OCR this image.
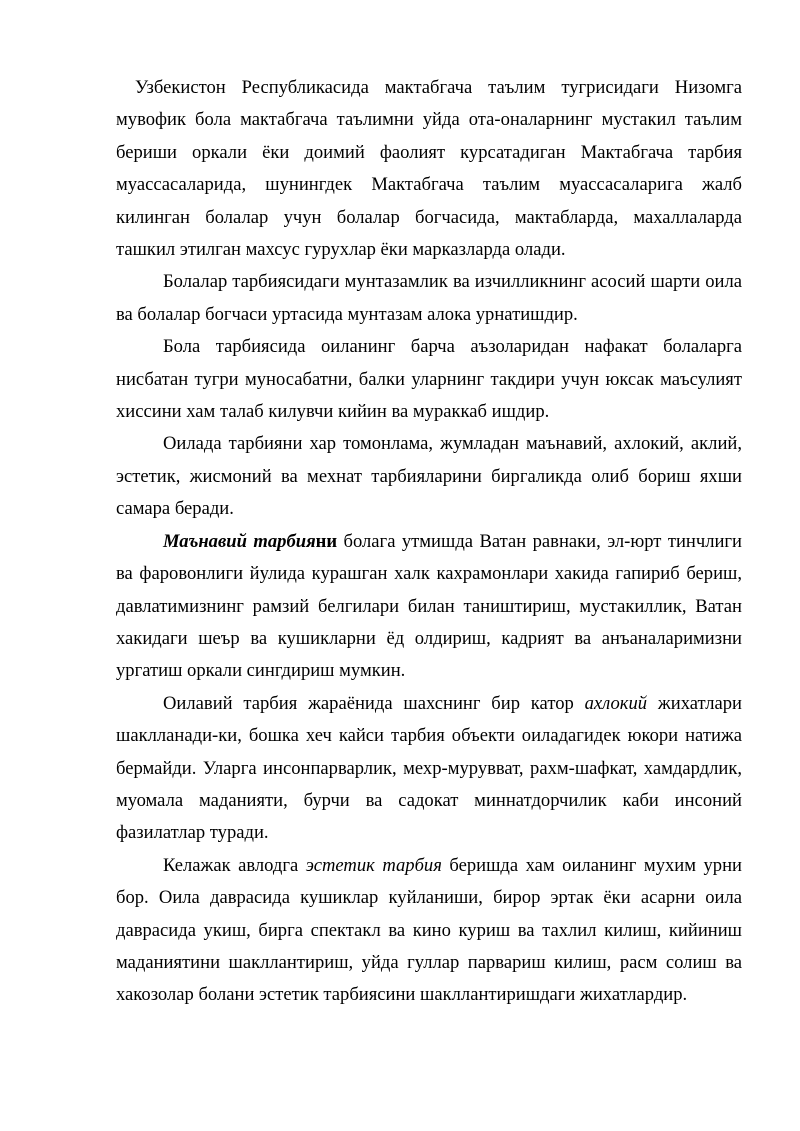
Узбекистон Республикасида мактабгача таълим тугрисидаги Низомга мувофик бола мактабгача таълимни уйда ота-оналарнинг мустакил таълим бериши оркали ёки доимий фаолият курсатадиган Мактабгача тарбия муассасаларида, шунингдек Мактабгача таълим муассасаларига жалб килинган болалар учун болалар богчасида, мактабларда, махаллаларда ташкил этилган махсус гурухлар ёки марказларда олади.

Болалар тарбиясидаги мунтазамлик ва изчилликнинг асосий шарти оила ва болалар богчаси уртасида мунтазам алока урнатишдир.

Бола тарбиясида оиланинг барча аъзоларидан нафакат болаларга нисбатан тугри муносабатни, балки уларнинг такдири учун юксак маъсулият хиссини хам талаб килувчи кийин ва мураккаб ишдир.

Оилада тарбияни хар томонлама, жумладан маънавий, ахлокий, аклий, эстетик, жисмоний ва мехнат тарбияларини биргаликда олиб бориш яхши самара беради.

Маънавий тарбияни болага утмишда Ватан равнаки, эл-юрт тинчлиги ва фаровонлиги йулида курашган халк кахрамонлари хакида гапириб бериш, давлатимизнинг рамзий белгилари билан таништириш, мустакиллик, Ватан хакидаги шеър ва кушикларни ёд олдириш, кадрият ва анъаналаримизни ургатиш оркали сингдириш мумкин.

Оилавий тарбия жараёнида шахснинг бир катор ахлокий жихатлари шаклланади-ки, бошка хеч кайси тарбия объекти оиладагидек юкори натижа бермайди. Уларга инсонпарварлик, мехр-мурувват, рахм-шафкат, хамдардлик, муомала маданияти, бурчи ва садокат миннатдорчилик каби инсоний фазилатлар туради.

Келажак авлодга эстетик тарбия беришда хам оиланинг мухим урни бор. Оила даврасида кушиклар куйланиши, бирор эртак ёки асарни оила даврасида укиш, бирга спектакл ва кино куриш ва тахлил килиш, кийиниш маданиятини шакллантириш, уйда гуллар парвариш килиш, расм солиш ва хакозолар болани эстетик тарбиясини шакллантиришдаги жихатлардир.
